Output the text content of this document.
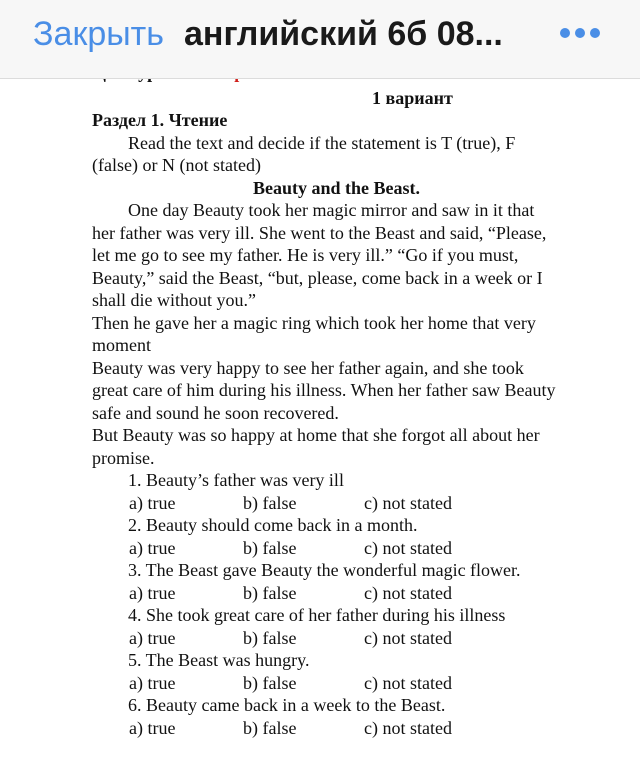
Закрыть английский 6б 08...
1 вариант
Раздел 1. Чтение
Read the text and decide if the statement is T (true), F
(false) or N (not stated)
Beauty and the Beast.
One day Beauty took her magic mirror and saw in it that
her father was very ill. She went to the Beast and said, “Please,
let me go to see my father. He is very ill.” “Go if you must,
Beauty,” said the Beast, “but, please, come back in a week or I
shall die without you.”
Then he gave her a magic ring which took her home that very
moment
Beauty was very happy to see her father again, and she took
great care of him during his illness. When her father saw Beauty
safe and sound he soon recovered.
But Beauty was so happy at home that she forgot all about her
promise.
1. Beauty’s father was very ill
a) true	b) false	c) not stated
2. Beauty should come back in a month.
a) true	b) false	c) not stated
3. The Beast gave Beauty the wonderful magic flower.
a) true	b) false	c) not stated
4. She took great care of her father during his illness
a) true	b) false	c) not stated
5. The Beast was hungry.
a) true	b) false	c) not stated
6. Beauty came back in a week to the Beast.
a) true	b) false	c) not stated
